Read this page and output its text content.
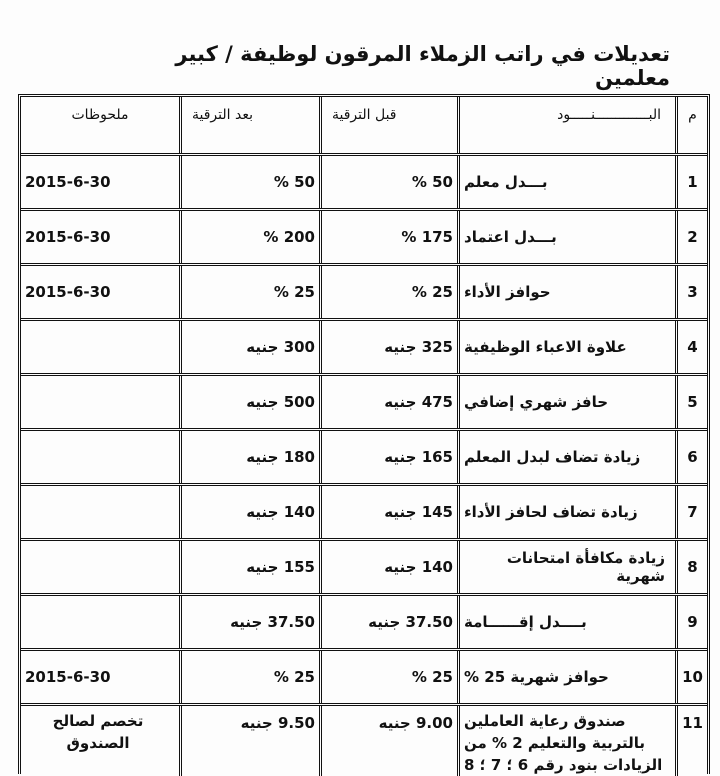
تعديلات في راتب الزملاء المرقون لوظيفة / كبير معلمين
م
البـــــــــــــنـــــود
قبل الترقية
بعد الترقية
ملحوظات
1
بـــدل معلم
50 %
50 %
2015-6-30
2
بـــدل اعتماد
175 %
200 %
2015-6-30
3
حوافز الأداء
25 %
25 %
2015-6-30
4
علاوة الاعباء الوظيفية
325 جنيه
300 جنيه
5
حافز شهري إضافي
475 جنيه
500 جنيه
6
زيادة تضاف لبدل المعلم
165 جنيه
180 جنيه
7
زيادة تضاف لحافز الأداء
145 جنيه
140 جنيه
8
زيادة مكافأة امتحانات شهرية
140 جنيه
155 جنيه
9
بــــدل إقــــــامة
37.50 جنيه
37.50 جنيه
10
حوافز شهرية 25 %
25 %
25 %
2015-6-30
11
صندوق رعاية العاملين
بالتربية والتعليم 2 % من
الزيادات بنود رقم 6 ؛ 7 ؛ 8
9.00 جنيه
9.50 جنيه
تخصم لصالح
الصندوق
